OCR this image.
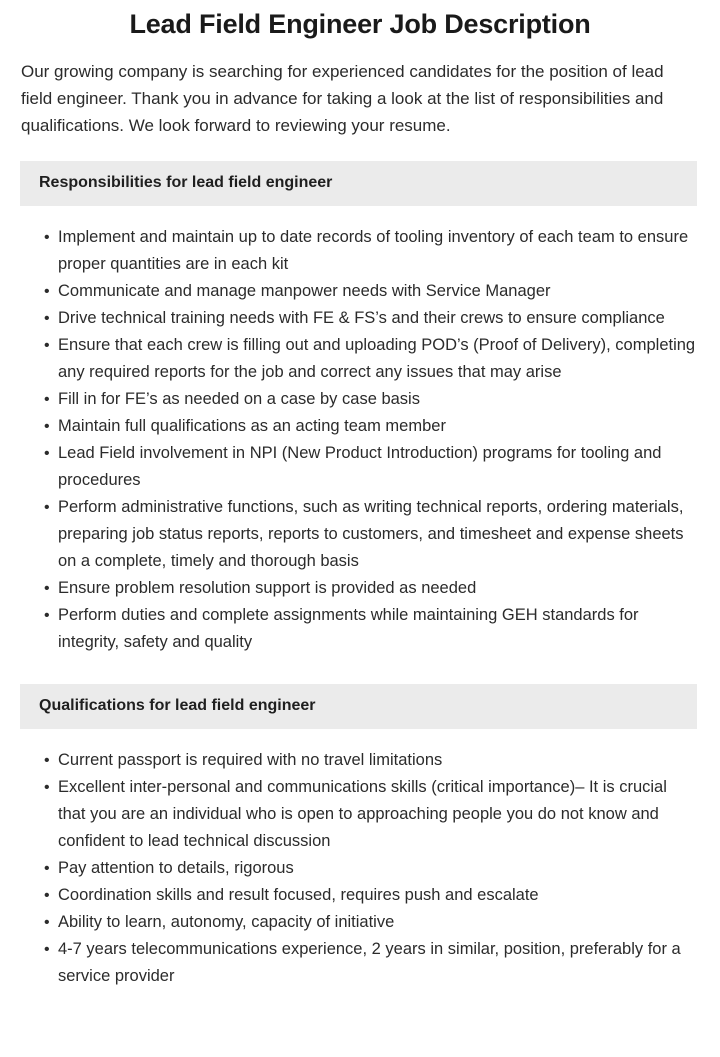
Lead Field Engineer Job Description

Our growing company is searching for experienced candidates for the position of lead field engineer. Thank you in advance for taking a look at the list of responsibilities and qualifications. We look forward to reviewing your resume.

Responsibilities for lead field engineer
• Implement and maintain up to date records of tooling inventory of each team to ensure proper quantities are in each kit
• Communicate and manage manpower needs with Service Manager
• Drive technical training needs with FE & FS’s and their crews to ensure compliance
• Ensure that each crew is filling out and uploading POD’s (Proof of Delivery), completing any required reports for the job and correct any issues that may arise
• Fill in for FE’s as needed on a case by case basis
• Maintain full qualifications as an acting team member
• Lead Field involvement in NPI (New Product Introduction) programs for tooling and procedures
• Perform administrative functions, such as writing technical reports, ordering materials, preparing job status reports, reports to customers, and timesheet and expense sheets on a complete, timely and thorough basis
• Ensure problem resolution support is provided as needed
• Perform duties and complete assignments while maintaining GEH standards for integrity, safety and quality
Qualifications for lead field engineer
• Current passport is required with no travel limitations
• Excellent inter-personal and communications skills (critical importance)– It is crucial that you are an individual who is open to approaching people you do not know and confident to lead technical discussion
• Pay attention to details, rigorous
• Coordination skills and result focused, requires push and escalate
• Ability to learn, autonomy, capacity of initiative
• 4-7 years telecommunications experience, 2 years in similar, position, preferably for a service provider
